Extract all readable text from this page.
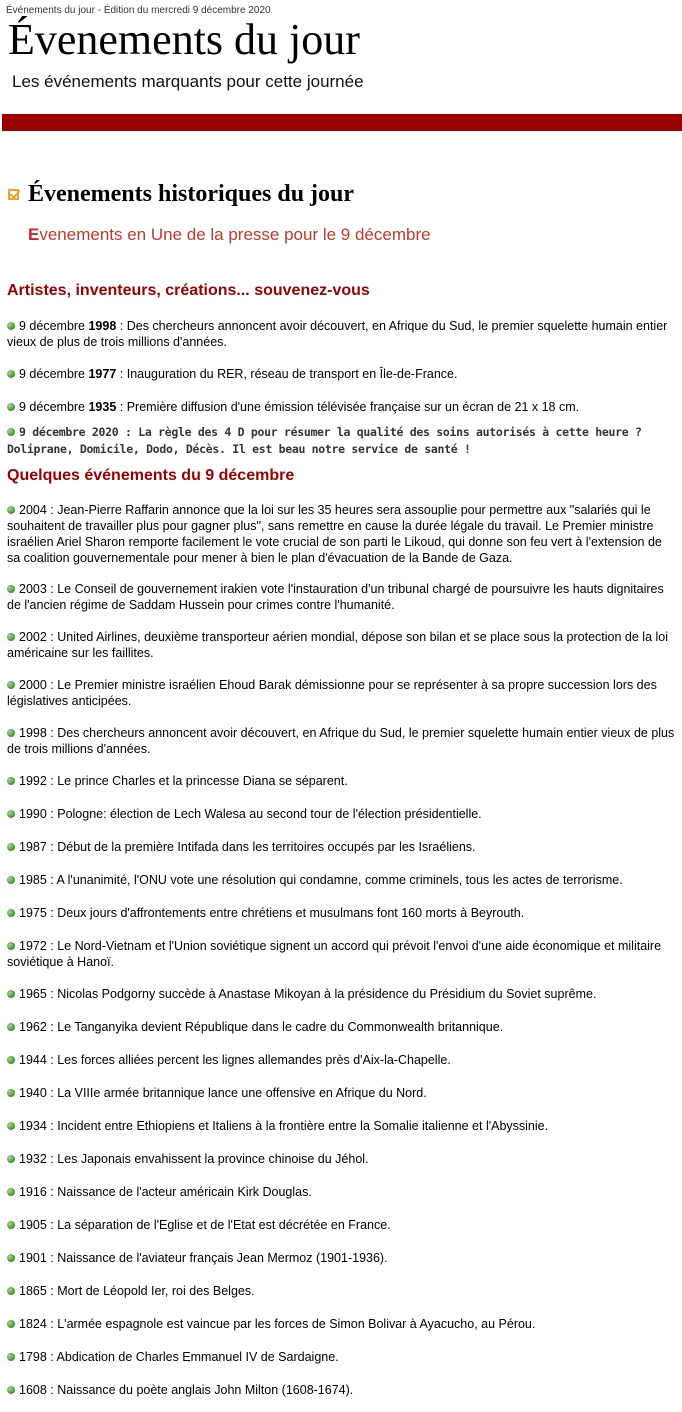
Événements du jour - Édition du mercredi 9 décembre 2020
Évenements du jour
Les événements marquants pour cette journée
Évenements historiques du jour
Evenements en Une de la presse pour le 9 décembre
Artistes, inventeurs, créations... souvenez-vous
9 décembre 1998 : Des chercheurs annoncent avoir découvert, en Afrique du Sud, le premier squelette humain entier vieux de plus de trois millions d'années.
9 décembre 1977 : Inauguration du RER, réseau de transport en Île-de-France.
9 décembre 1935 : Première diffusion d'une émission télévisée française sur un écran de 21 x 18 cm.
9 décembre 2020 : La règle des 4 D pour résumer la qualité des soins autorisés à cette heure ? Doliprane, Domicile, Dodo, Décès. Il est beau notre service de santé !
Quelques événements du 9 décembre
2004 : Jean-Pierre Raffarin annonce que la loi sur les 35 heures sera assouplie pour permettre aux "salariés qui le souhaitent de travailler plus pour gagner plus", sans remettre en cause la durée légale du travail. Le Premier ministre israélien Ariel Sharon remporte facilement le vote crucial de son parti le Likoud, qui donne son feu vert à l'extension de sa coalition gouvernementale pour mener à bien le plan d'évacuation de la Bande de Gaza.
2003 : Le Conseil de gouvernement irakien vote l'instauration d'un tribunal chargé de poursuivre les hauts dignitaires de l'ancien régime de Saddam Hussein pour crimes contre l'humanité.
2002 : United Airlines, deuxième transporteur aérien mondial, dépose son bilan et se place sous la protection de la loi américaine sur les faillites.
2000 : Le Premier ministre israélien Ehoud Barak démissionne pour se représenter à sa propre succession lors des législatives anticipées.
1998 : Des chercheurs annoncent avoir découvert, en Afrique du Sud, le premier squelette humain entier vieux de plus de trois millions d'années.
1992 : Le prince Charles et la princesse Diana se séparent.
1990 : Pologne: élection de Lech Walesa au second tour de l'élection présidentielle.
1987 : Début de la première Intifada dans les territoires occupés par les Israéliens.
1985 : A l'unanimité, l'ONU vote une résolution qui condamne, comme criminels, tous les actes de terrorisme.
1975 : Deux jours d'affrontements entre chrétiens et musulmans font 160 morts à Beyrouth.
1972 : Le Nord-Vietnam et l'Union soviétique signent un accord qui prévoit l'envoi d'une aide économique et militaire soviétique à Hanoï.
1965 : Nicolas Podgorny succède à Anastase Mikoyan à la présidence du Présidium du Soviet suprême.
1962 : Le Tanganyika devient République dans le cadre du Commonwealth britannique.
1944 : Les forces alliées percent les lignes allemandes près d'Aix-la-Chapelle.
1940 : La VIIIe armée britannique lance une offensive en Afrique du Nord.
1934 : Incident entre Ethiopiens et Italiens à la frontière entre la Somalie italienne et l'Abyssinie.
1932 : Les Japonais envahissent la province chinoise du Jéhol.
1916 : Naissance de l'acteur américain Kirk Douglas.
1905 : La séparation de l'Eglise et de l'Etat est décrétée en France.
1901 : Naissance de l'aviateur français Jean Mermoz (1901-1936).
1865 : Mort de Léopold Ier, roi des Belges.
1824 : L'armée espagnole est vaincue par les forces de Simon Bolivar à Ayacucho, au Pérou.
1798 : Abdication de Charles Emmanuel IV de Sardaigne.
1608 : Naissance du poète anglais John Milton (1608-1674).
